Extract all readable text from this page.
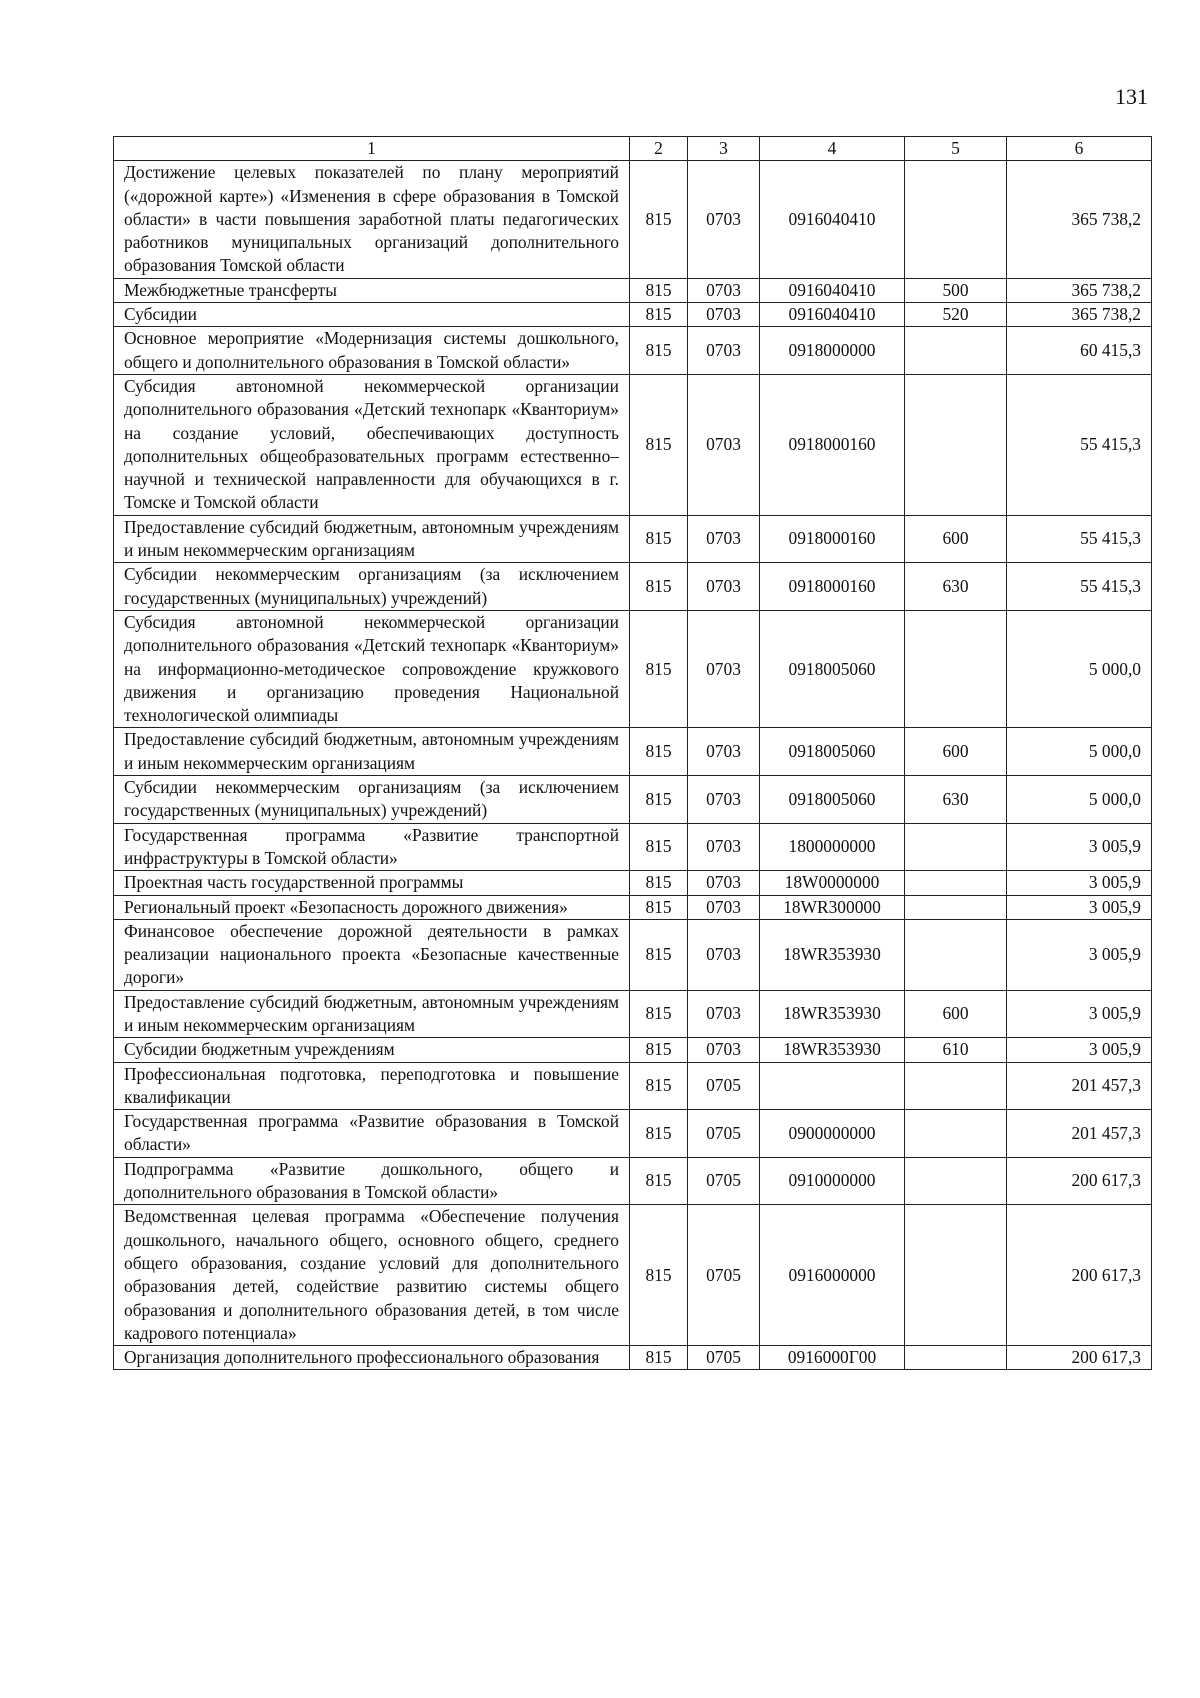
131
1	2	3	4	5	6
Достижение целевых показателей по плану мероприятий («дорожной карте») «Изменения в сфере образования в Томской области» в части повышения заработной платы педагогических работников муниципальных организаций дополнительного образования Томской области	815	0703	0916040410		365 738,2
Межбюджетные трансферты	815	0703	0916040410	500	365 738,2
Субсидии	815	0703	0916040410	520	365 738,2
Основное мероприятие «Модернизация системы дошкольного, общего и дополнительного образования в Томской области»	815	0703	0918000000		60 415,3
Субсидия автономной некоммерческой организации дополнительного образования «Детский технопарк «Кванториум» на создание условий, обеспечивающих доступность дополнительных общеобразовательных программ естественно–научной и технической направленности для обучающихся в г. Томске и Томской области	815	0703	0918000160		55 415,3
Предоставление субсидий бюджетным, автономным учреждениям и иным некоммерческим организациям	815	0703	0918000160	600	55 415,3
Субсидии некоммерческим организациям (за исключением государственных (муниципальных) учреждений)	815	0703	0918000160	630	55 415,3
Субсидия автономной некоммерческой организации дополнительного образования «Детский технопарк «Кванториум» на информационно-методическое сопровождение кружкового движения и организацию проведения Национальной технологической олимпиады	815	0703	0918005060		5 000,0
Предоставление субсидий бюджетным, автономным учреждениям и иным некоммерческим организациям	815	0703	0918005060	600	5 000,0
Субсидии некоммерческим организациям (за исключением государственных (муниципальных) учреждений)	815	0703	0918005060	630	5 000,0
Государственная программа «Развитие транспортной инфраструктуры в Томской области»	815	0703	1800000000		3 005,9
Проектная часть государственной программы	815	0703	18W0000000		3 005,9
Региональный проект «Безопасность дорожного движения»	815	0703	18WR300000		3 005,9
Финансовое обеспечение дорожной деятельности в рамках реализации национального проекта «Безопасные качественные дороги»	815	0703	18WR353930		3 005,9
Предоставление субсидий бюджетным, автономным учреждениям и иным некоммерческим организациям	815	0703	18WR353930	600	3 005,9
Субсидии бюджетным учреждениям	815	0703	18WR353930	610	3 005,9
Профессиональная подготовка, переподготовка и повышение квалификации	815	0705			201 457,3
Государственная программа «Развитие образования в Томской области»	815	0705	0900000000		201 457,3
Подпрограмма «Развитие дошкольного, общего и дополнительного образования в Томской области»	815	0705	0910000000		200 617,3
Ведомственная целевая программа «Обеспечение получения дошкольного, начального общего, основного общего, среднего общего образования, создание условий для дополнительного образования детей, содействие развитию системы общего образования и дополнительного образования детей, в том числе кадрового потенциала»	815	0705	0916000000		200 617,3
Организация дополнительного профессионального образования	815	0705	0916000Г00		200 617,3
